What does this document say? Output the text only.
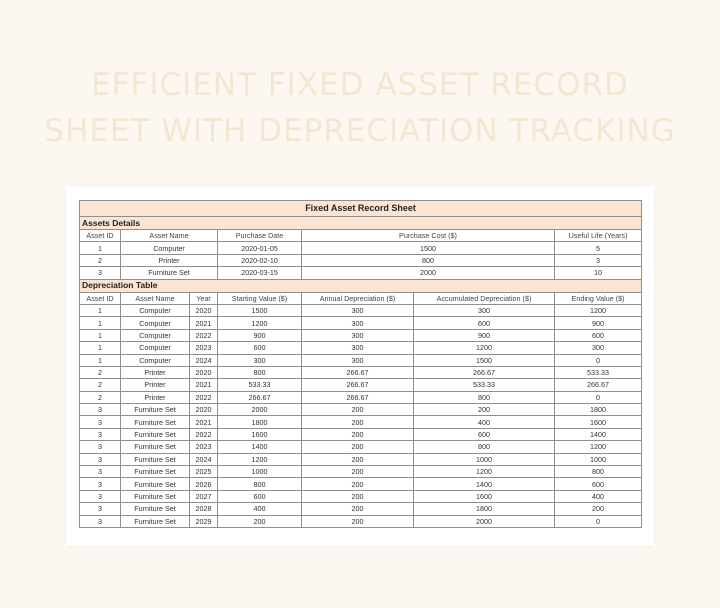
EFFICIENT FIXED ASSET RECORD
SHEET WITH DEPRECIATION TRACKING
Fixed Asset Record Sheet						
Assets Details						
Asset ID	Asset Name		Purchase Date	Purchase Cost ($)		Useful Life (Years)
1	Computer		2020-01-05	1500		5
2	Printer		2020-02-10	800		3
3	Furniture Set		2020-03-15	2000		10
Depreciation Table						
Asset ID	Asset Name	Year	Starting Value ($)	Annual Depreciation ($)	Accumulated Depreciation ($)	Ending Value ($)
1	Computer	2020	1500	300	300	1200
1	Computer	2021	1200	300	600	900
1	Computer	2022	900	300	900	600
1	Computer	2023	600	300	1200	300
1	Computer	2024	300	300	1500	0
2	Printer	2020	800	266.67	266.67	533.33
2	Printer	2021	533.33	266.67	533.33	266.67
2	Printer	2022	266.67	266.67	800	0
3	Furniture Set	2020	2000	200	200	1800
3	Furniture Set	2021	1800	200	400	1600
3	Furniture Set	2022	1600	200	600	1400
3	Furniture Set	2023	1400	200	800	1200
3	Furniture Set	2024	1200	200	1000	1000
3	Furniture Set	2025	1000	200	1200	800
3	Furniture Set	2026	800	200	1400	600
3	Furniture Set	2027	600	200	1600	400
3	Furniture Set	2028	400	200	1800	200
3	Furniture Set	2029	200	200	2000	0
